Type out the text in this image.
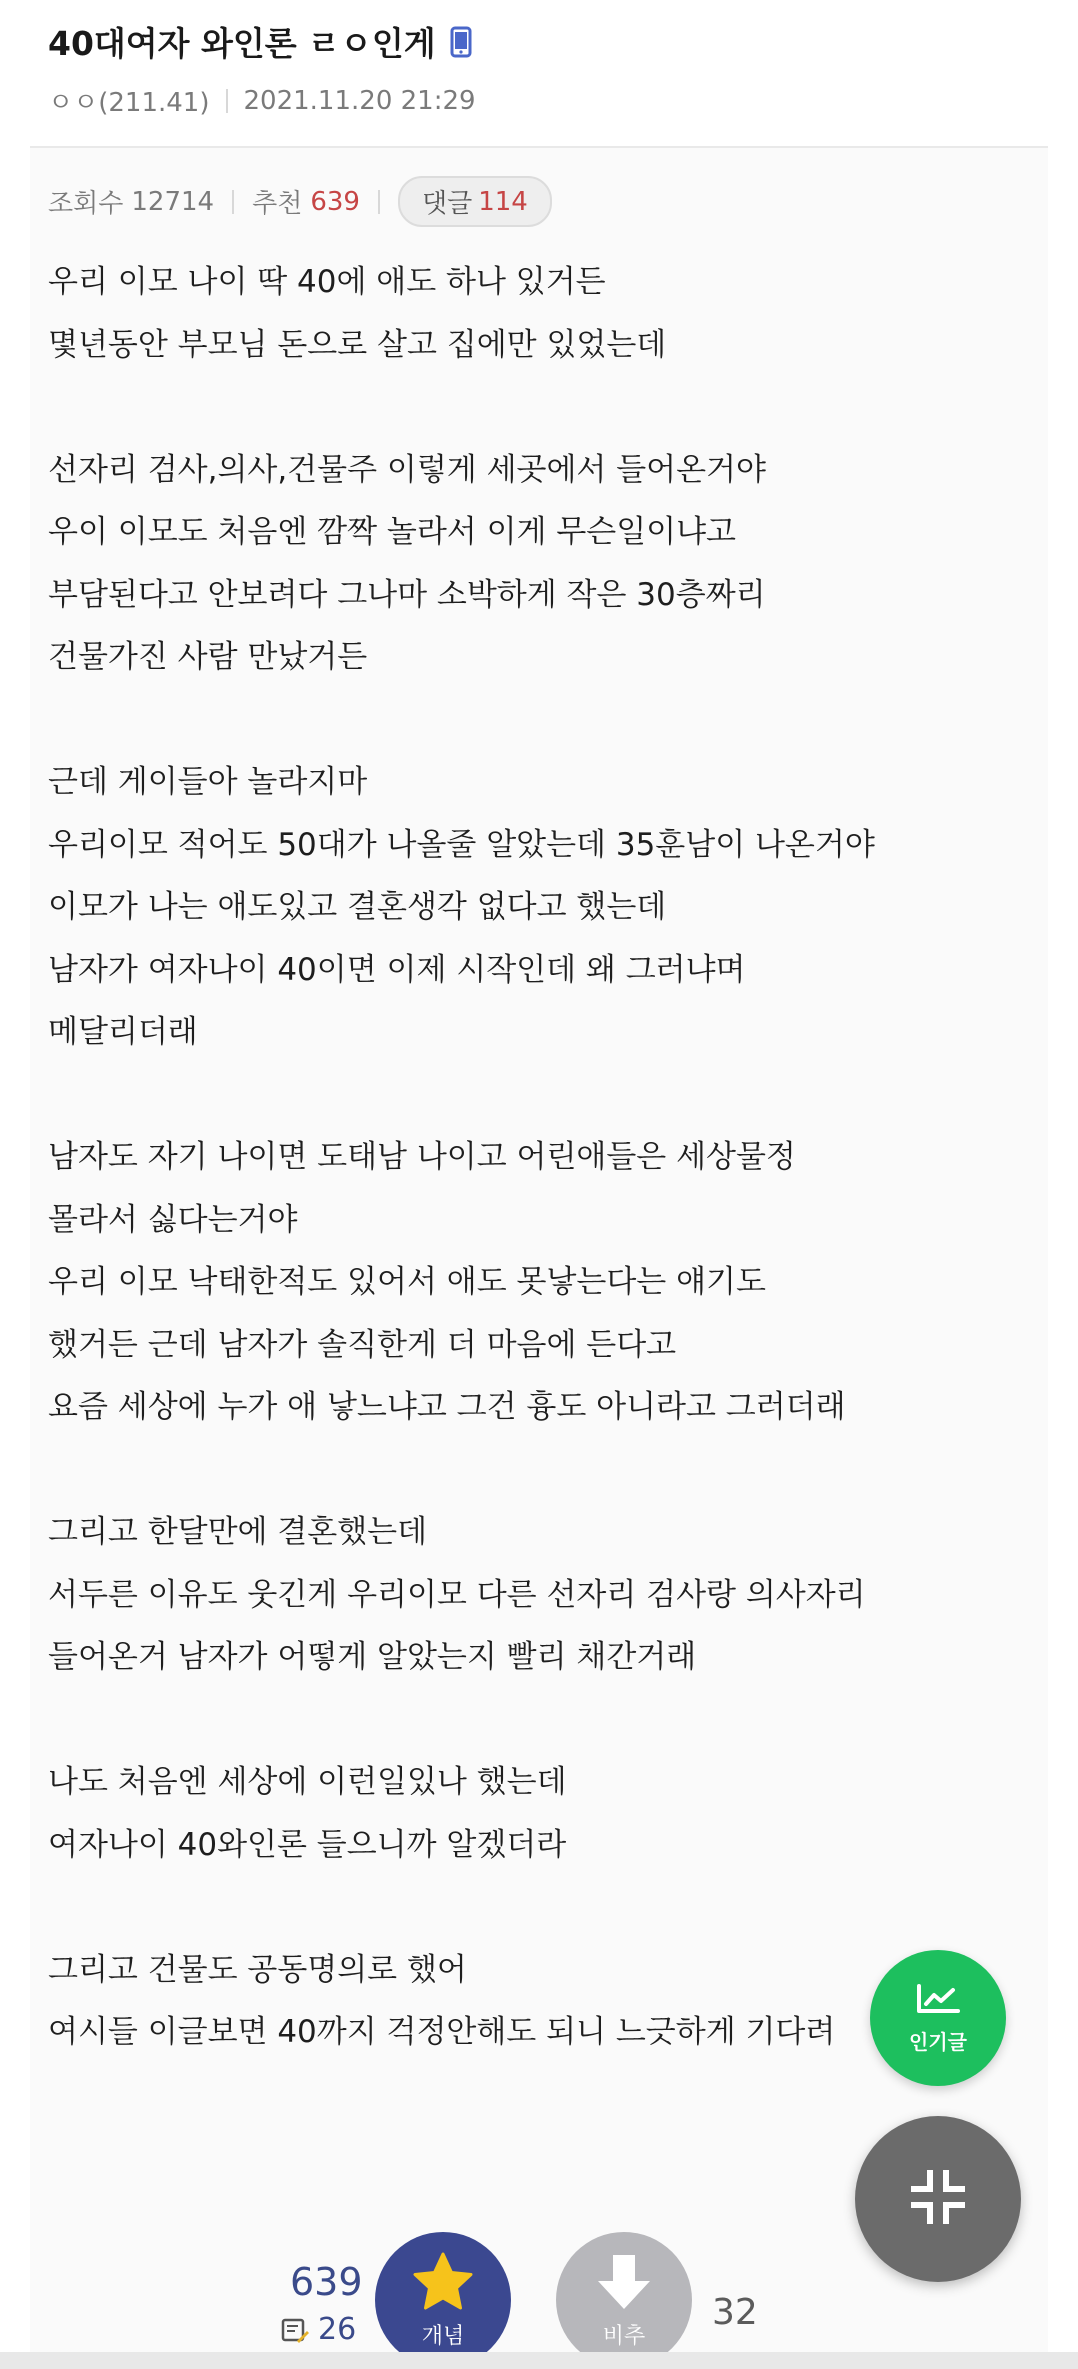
40대여자 와인론 ㄹㅇ인게
ㅇㅇ(211.41) 2021.11.20 21:29
조회수 12714 추천 639 댓글 114
우리 이모 나이 딱 40에 애도 하나 있거든
몇년동안 부모님 돈으로 살고 집에만 있었는데
선자리 검사,의사,건물주 이렇게 세곳에서 들어온거야
우이 이모도 처음엔 깜짝 놀라서 이게 무슨일이냐고
부담된다고 안보려다 그나마 소박하게 작은 30층짜리
건물가진 사람 만났거든
근데 게이들아 놀라지마
우리이모 적어도 50대가 나올줄 알았는데 35훈남이 나온거야
이모가 나는 애도있고 결혼생각 없다고 했는데
남자가 여자나이 40이면 이제 시작인데 왜 그러냐며
메달리더래
남자도 자기 나이면 도태남 나이고 어린애들은 세상물정
몰라서 싫다는거야
우리 이모 낙태한적도 있어서 애도 못낳는다는 얘기도
했거든 근데 남자가 솔직한게 더 마음에 든다고
요즘 세상에 누가 애 낳느냐고 그건 흉도 아니라고 그러더래
그리고 한달만에 결혼했는데
서두른 이유도 웃긴게 우리이모 다른 선자리 검사랑 의사자리
들어온거 남자가 어떻게 알았는지 빨리 채간거래
나도 처음엔 세상에 이런일있나 했는데
여자나이 40와인론 들으니까 알겠더라
그리고 건물도 공동명의로 했어
여시들 이글보면 40까지 걱정안해도 되니 느긋하게 기다려	인기글
639
26	개념	비추
32
